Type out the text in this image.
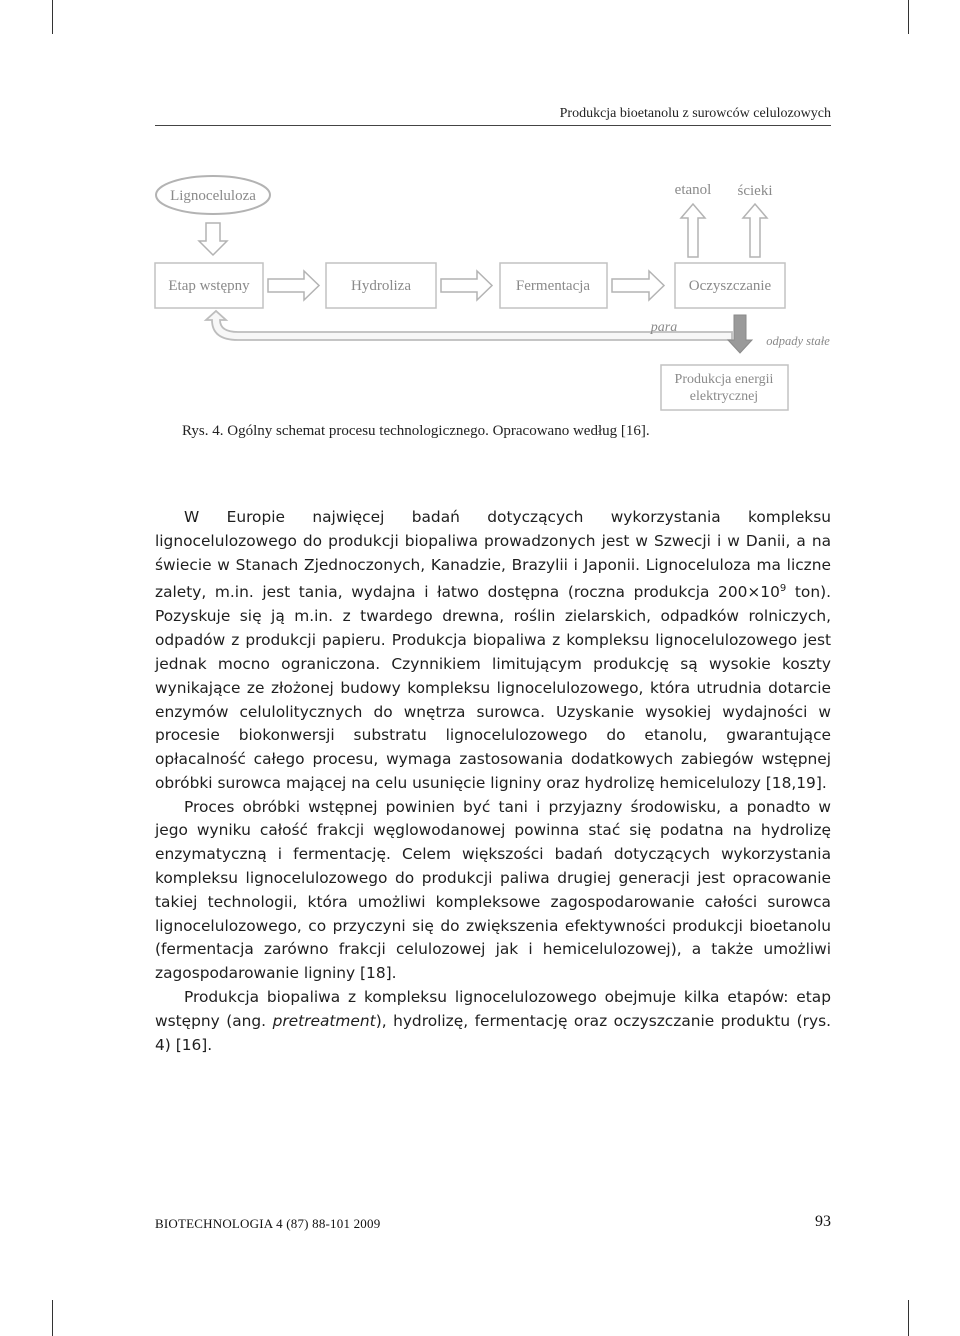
Produkcja bioetanolu z surowców celulozowych
Lignoceluloza
Etap wstępny	Hydroliza	Fermentacja	Oczyszczanie
etanol ścieki
para
odpady stałe
Produkcja energii
elektrycznej
Rys. 4. Ogólny schemat procesu technologicznego. Opracowano według [16].

W Europie najwięcej badań dotyczących wykorzystania kompleksu lignocelulozowego do produkcji biopaliwa prowadzonych jest w Szwecji i w Danii, a na świecie w Stanach Zjednoczonych, Kanadzie, Brazylii i Japonii. Lignoceluloza ma liczne zalety, m.in. jest tania, wydajna i łatwo dostępna (roczna produkcja $200\times 10^9$ ton). Pozyskuje się ją m.in. z twardego drewna, roślin zielarskich, odpadków rolniczych, odpadów z produkcji papieru. Produkcja biopaliwa z kompleksu lignocelulozowego jest jednak mocno ograniczona. Czynnikiem limitującym produkcję są wysokie koszty wynikające ze złożonej budowy kompleksu lignocelulozowego, która utrudnia dotarcie enzymów celulolitycznych do wnętrza surowca. Uzyskanie wysokiej wydajności w procesie biokonwersji substratu lignocelulozowego do etanolu, gwarantujące opłacalność całego procesu, wymaga zastosowania dodatkowych zabiegów wstępnej obróbki surowca mającej na celu usunięcie ligniny oraz hydrolizę hemicelulozy [18,19].

Proces obróbki wstępnej powinien być tani i przyjazny środowisku, a ponadto w jego wyniku całość frakcji węglowodanowej powinna stać się podatna na hydrolizę enzymatyczną i fermentację. Celem większości badań dotyczących wykorzystania kompleksu lignocelulozowego do produkcji paliwa drugiej generacji jest opracowanie takiej technologii, która umożliwi kompleksowe zagospodarowanie całości surowca lignocelulozowego, co przyczyni się do zwiększenia efektywności produkcji bioetanolu (fermentacja zarówno frakcji celulozowej jak i hemicelulozowej), a także umożliwi zagospodarowanie ligniny [18].

Produkcja biopaliwa z kompleksu lignocelulozowego obejmuje kilka etapów: etap wstępny (ang. pretreatment), hydrolizę, fermentację oraz oczyszczanie produktu (rys. 4) [16].

BIOTECHNOLOGIA 4 (87) 88-101 2009	93
